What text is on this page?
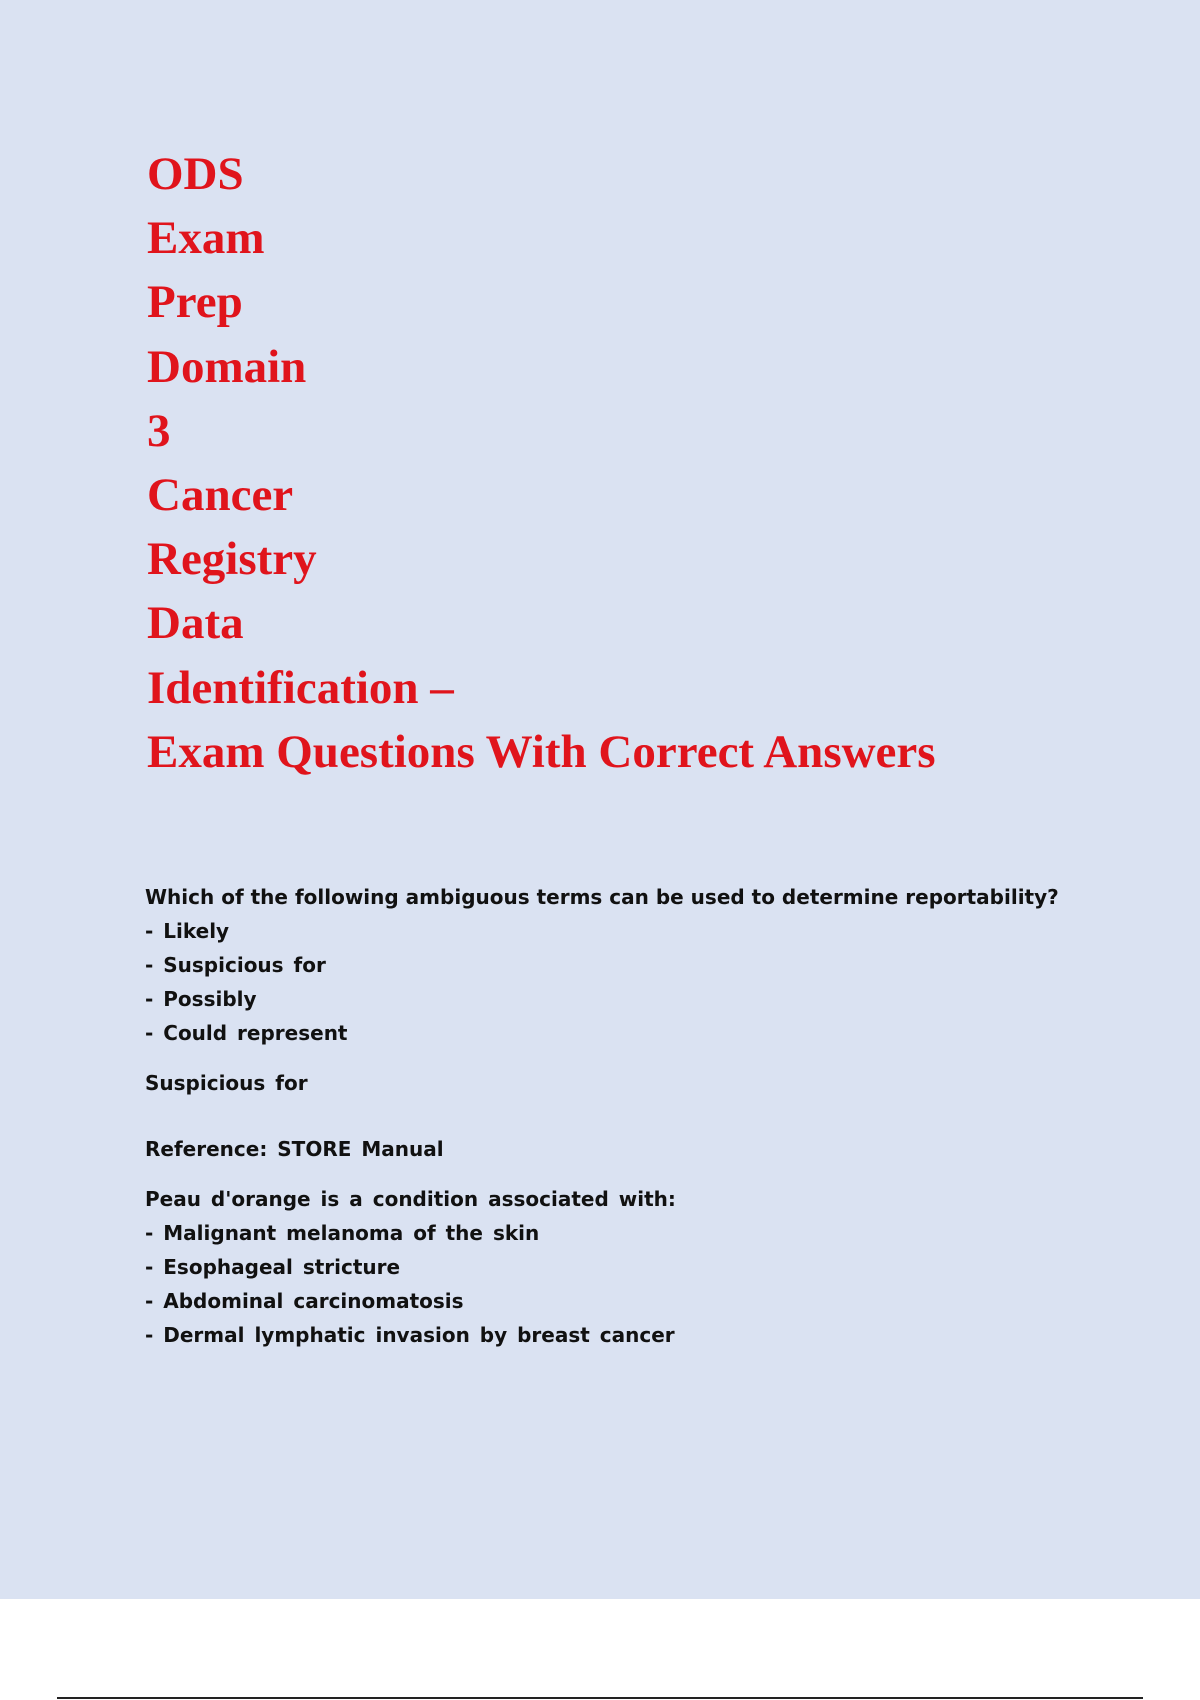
ODS
Exam
Prep
Domain
3
Cancer
Registry
Data
Identification –
Exam Questions With Correct Answers
Which of the following ambiguous terms can be used to determine reportability?
- Likely
- Suspicious for
- Possibly
- Could represent
Suspicious for
Reference: STORE Manual
Peau d'orange is a condition associated with:
- Malignant melanoma of the skin
- Esophageal stricture
- Abdominal carcinomatosis
- Dermal lymphatic invasion by breast cancer
